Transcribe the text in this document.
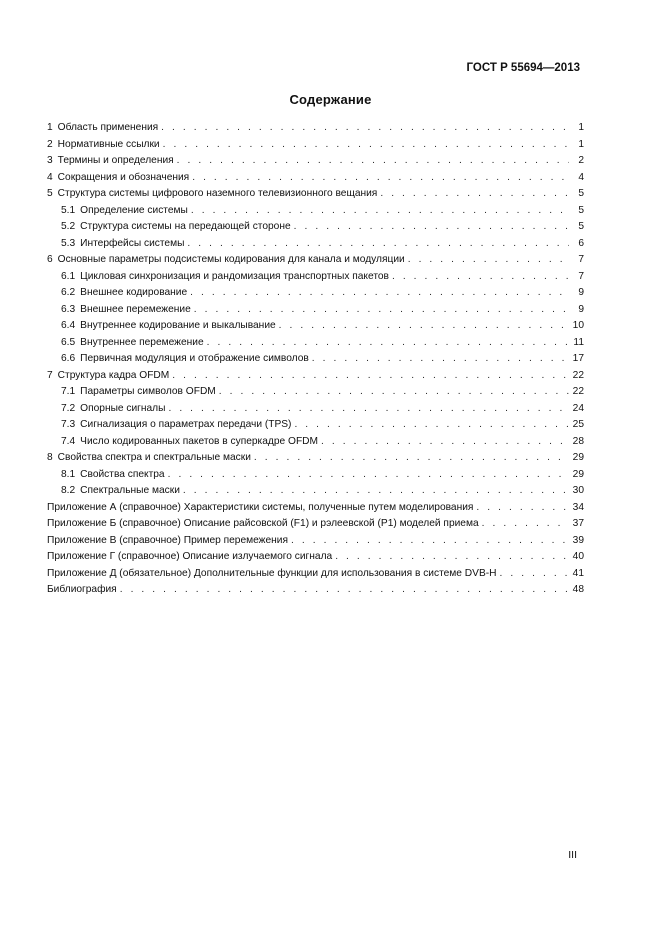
ГОСТ Р 55694—2013
Содержание
1 Область применения . . .	1
2 Нормативные ссылки . . .	1
3 Термины и определения . . .	2
4 Сокращения и обозначения . . .	4
5 Структура системы цифрового наземного телевизионного вещания . . .	5
5.1 Определение системы . . .	5
5.2 Структура системы на передающей стороне . . .	5
5.3 Интерфейсы системы . . .	6
6 Основные параметры подсистемы кодирования для канала и модуляции . . .	7
6.1 Цикловая синхронизация и рандомизация транспортных пакетов . . .	7
6.2 Внешнее кодирование . . .	9
6.3 Внешнее перемежение . . .	9
6.4 Внутреннее кодирование и выкалывание . . .	10
6.5 Внутреннее перемежение . . .	11
6.6 Первичная модуляция и отображение символов . . .	17
7 Структура кадра OFDM . . .	22
7.1 Параметры символов OFDM . . .	22
7.2 Опорные сигналы . . .	24
7.3 Сигнализация о параметрах передачи (TPS) . . .	25
7.4 Число кодированных пакетов в суперкадре OFDM . . .	28
8 Свойства спектра и спектральные маски . . .	29
8.1 Свойства спектра . . .	29
8.2 Спектральные маски . . .	30
Приложение А (справочное) Характеристики системы, полученные путем моделирования . . .	34
Приложение Б (справочное) Описание райсовской (F1) и рэлеевской (P1) моделей приема . . .	37
Приложение В (справочное) Пример перемежения . . .	39
Приложение Г (справочное) Описание излучаемого сигнала . . .	40
Приложение Д (обязательное) Дополнительные функции для использования в системе DVB-H . . .	41
Библиография . . .	48
III
